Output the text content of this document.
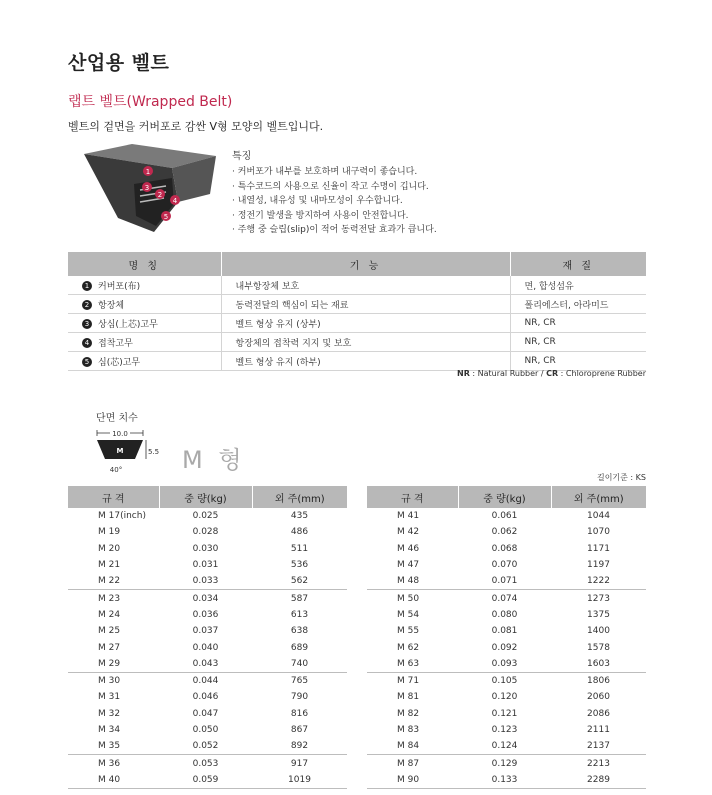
산업용 벨트
랩트 벨트(Wrapped Belt)
벨트의 겉면을 커버포로 감싼 V형 모양의 벨트입니다.
1
3
2
4
5
특징
· 커버포가 내부를 보호하며 내구력이 좋습니다.
· 특수코드의 사용으로 신율이 작고 수명이 깁니다.
· 내열성, 내유성 및 내마모성이 우수합니다.
· 정전기 발생을 방지하여 사용이 안전합니다.
· 주행 중 슬립(slip)이 적어 동력전달 효과가 큽니다.
명 칭	기 능	재 질
1 커버포(布)	내부항장체 보호	면, 합성섬유
2 항장체	동력전달의 핵심이 되는 재료	폴리에스터, 아라미드
3 상심(上芯)고무	벨트 형상 유지 (상부)	NR, CR
4 접착고무	항장체의 접착력 지지 및 보호	NR, CR
5 심(芯)고무	벨트 형상 유지 (하부)	NR, CR
NR : Natural Rubber / CR : Chloroprene Rubber
단면 치수
10.0
M	5.5
40° M 형
길이기준 : KS
규 격	중 량(kg)	외 주(mm)
M 17(inch)	0.025	435
M 19	0.028	486
M 20	0.030	511
M 21	0.031	536
M 22	0.033	562
M 23	0.034	587
M 24	0.036	613
M 25	0.037	638
M 27	0.040	689
M 29	0.043	740
M 30	0.044	765
M 31	0.046	790
M 32	0.047	816
M 34	0.050	867
M 35	0.052	892
M 36	0.053	917
M 40	0.059	1019
규 격	중 량(kg)	외 주(mm)
M 41	0.061	1044
M 42	0.062	1070
M 46	0.068	1171
M 47	0.070	1197
M 48	0.071	1222
M 50	0.074	1273
M 54	0.080	1375
M 55	0.081	1400
M 62	0.092	1578
M 63	0.093	1603
M 71	0.105	1806
M 81	0.120	2060
M 82	0.121	2086
M 83	0.123	2111
M 84	0.124	2137
M 87	0.129	2213
M 90	0.133	2289
